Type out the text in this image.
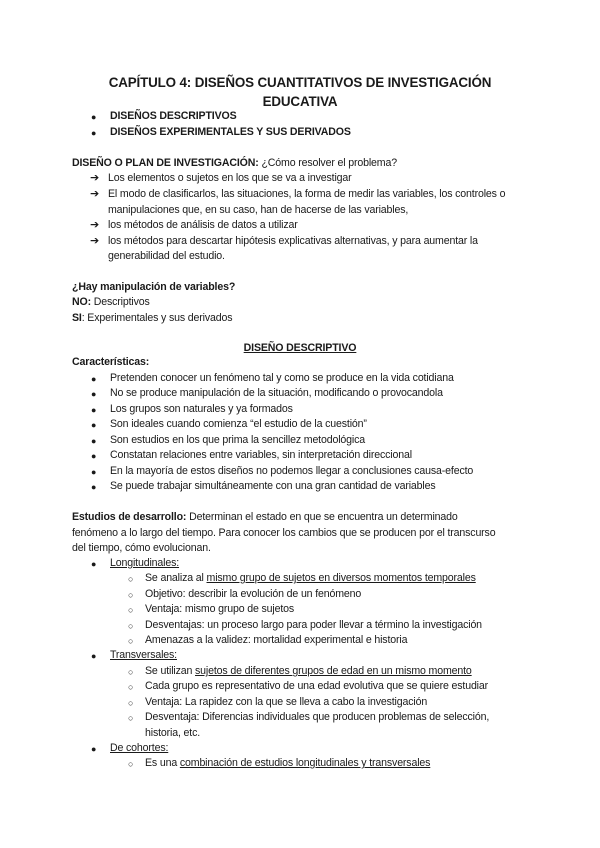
CAPÍTULO 4: DISEÑOS CUANTITATIVOS DE INVESTIGACIÓN
EDUCATIVA
● DISEÑOS DESCRIPTIVOS
● DISEÑOS EXPERIMENTALES Y SUS DERIVADOS
DISEÑO O PLAN DE INVESTIGACIÓN: ¿Cómo resolver el problema?
➔ Los elementos o sujetos en los que se va a investigar
➔ El modo de clasificarlos, las situaciones, la forma de medir las variables, los controles o
manipulaciones que, en su caso, han de hacerse de las variables,
➔ los métodos de análisis de datos a utilizar
➔ los métodos para descartar hipótesis explicativas alternativas, y para aumentar la
generabilidad del estudio.
¿Hay manipulación de variables?
NO: Descriptivos
SI: Experimentales y sus derivados
DISEÑO DESCRIPTIVO
Características:
● Pretenden conocer un fenómeno tal y como se produce en la vida cotidiana
● No se produce manipulación de la situación, modificando o provocandola
● Los grupos son naturales y ya formados
● Son ideales cuando comienza “el estudio de la cuestión”
● Son estudios en los que prima la sencillez metodológica
● Constatan relaciones entre variables, sin interpretación direccional
● En la mayoría de estos diseños no podemos llegar a conclusiones causa-efecto
● Se puede trabajar simultáneamente con una gran cantidad de variables
Estudios de desarrollo: Determinan el estado en que se encuentra un determinado
fenómeno a lo largo del tiempo. Para conocer los cambios que se producen por el transcurso
del tiempo, cómo evolucionan.
● Longitudinales:
○ Se analiza al mismo grupo de sujetos en diversos momentos temporales
○ Objetivo: describir la evolución de un fenómeno
○ Ventaja: mismo grupo de sujetos
○ Desventajas: un proceso largo para poder llevar a término la investigación
○ Amenazas a la validez: mortalidad experimental e historia
● Transversales:
○ Se utilizan sujetos de diferentes grupos de edad en un mismo momento
○ Cada grupo es representativo de una edad evolutiva que se quiere estudiar
○ Ventaja: La rapidez con la que se lleva a cabo la investigación
○ Desventaja: Diferencias individuales que producen problemas de selección,
historia, etc.
● De cohortes:
○ Es una combinación de estudios longitudinales y transversales
